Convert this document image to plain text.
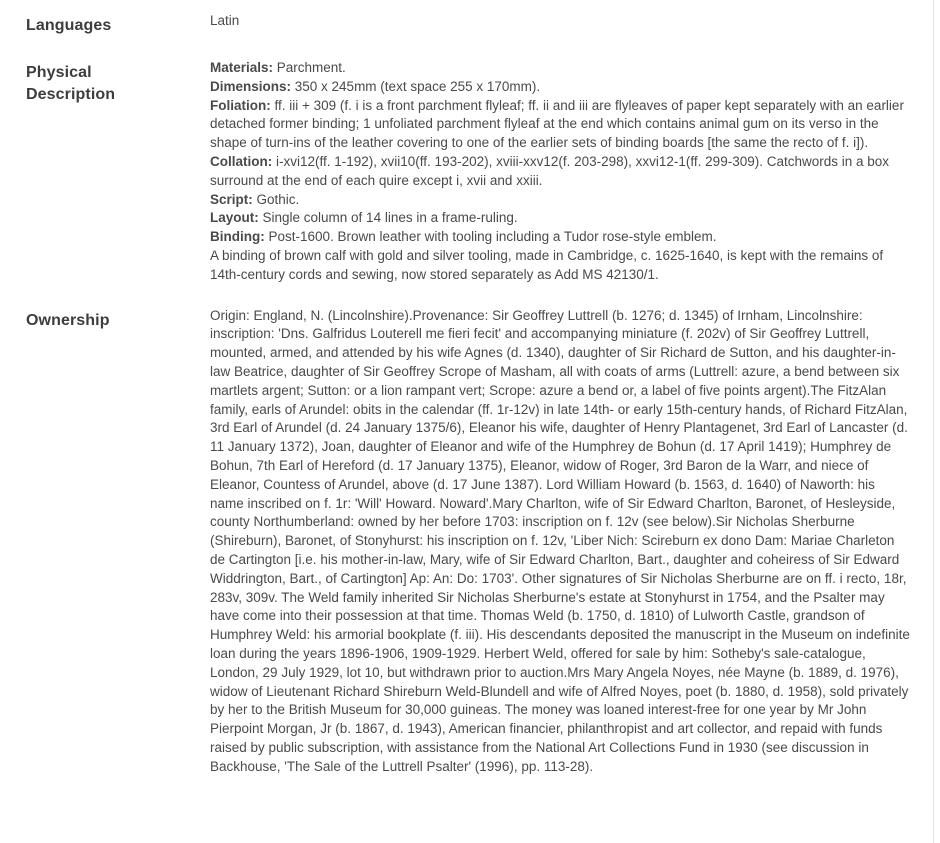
Languages	Latin
Physical Description
Materials: Parchment.
Dimensions: 350 x 245mm (text space 255 x 170mm).
Foliation: ff. iii + 309 (f. i is a front parchment flyleaf; ff. ii and iii are flyleaves of paper kept separately with an earlier detached former binding; 1 unfoliated parchment flyleaf at the end which contains animal gum on its verso in the shape of turn-ins of the leather covering to one of the earlier sets of binding boards [the same the recto of f. i]).
Collation: i-xvi12(ff. 1-192), xvii10(ff. 193-202), xviii-xxv12(f. 203-298), xxvi12-1(ff. 299-309). Catchwords in a box surround at the end of each quire except i, xvii and xxiii.
Script: Gothic.
Layout: Single column of 14 lines in a frame-ruling.
Binding: Post-1600. Brown leather with tooling including a Tudor rose-style emblem.
A binding of brown calf with gold and silver tooling, made in Cambridge, c. 1625-1640, is kept with the remains of 14th-century cords and sewing, now stored separately as Add MS 42130/1.
Ownership	Origin: England, N. (Lincolnshire).Provenance: Sir Geoffrey Luttrell (b. 1276; d. 1345) of Irnham, Lincolnshire: inscription: 'Dns. Galfridus Louterell me fieri fecit' and accompanying miniature (f. 202v) of Sir Geoffrey Luttrell, mounted, armed, and attended by his wife Agnes (d. 1340), daughter of Sir Richard de Sutton, and his daughter-in-law Beatrice, daughter of Sir Geoffrey Scrope of Masham, all with coats of arms (Luttrell: azure, a bend between six martlets argent; Sutton: or a lion rampant vert; Scrope: azure a bend or, a label of five points argent).The FitzAlan family, earls of Arundel: obits in the calendar (ff. 1r-12v) in late 14th- or early 15th-century hands, of Richard FitzAlan, 3rd Earl of Arundel (d. 24 January 1375/6), Eleanor his wife, daughter of Henry Plantagenet, 3rd Earl of Lancaster (d. 11 January 1372), Joan, daughter of Eleanor and wife of the Humphrey de Bohun (d. 17 April 1419); Humphrey de Bohun, 7th Earl of Hereford (d. 17 January 1375), Eleanor, widow of Roger, 3rd Baron de la Warr, and niece of Eleanor, Countess of Arundel, above (d. 17 June 1387). Lord William Howard (b. 1563, d. 1640) of Naworth: his name inscribed on f. 1r: 'Will' Howard. Noward'.Mary Charlton, wife of Sir Edward Charlton, Baronet, of Hesleyside, county Northumberland: owned by her before 1703: inscription on f. 12v (see below).Sir Nicholas Sherburne (Shireburn), Baronet, of Stonyhurst: his inscription on f. 12v, 'Liber Nich: Scireburn ex dono Dam: Mariae Charleton de Cartington [i.e. his mother-in-law, Mary, wife of Sir Edward Charlton, Bart., daughter and coheiress of Sir Edward Widdrington, Bart., of Cartington] Ap: An: Do: 1703'. Other signatures of Sir Nicholas Sherburne are on ff. i recto, 18r, 283v, 309v. The Weld family inherited Sir Nicholas Sherburne's estate at Stonyhurst in 1754, and the Psalter may have come into their possession at that time. Thomas Weld (b. 1750, d. 1810) of Lulworth Castle, grandson of Humphrey Weld: his armorial bookplate (f. iii). His descendants deposited the manuscript in the Museum on indefinite loan during the years 1896-1906, 1909-1929. Herbert Weld, offered for sale by him: Sotheby's sale-catalogue, London, 29 July 1929, lot 10, but withdrawn prior to auction.Mrs Mary Angela Noyes, née Mayne (b. 1889, d. 1976), widow of Lieutenant Richard Shireburn Weld-Blundell and wife of Alfred Noyes, poet (b. 1880, d. 1958), sold privately by her to the British Museum for 30,000 guineas. The money was loaned interest-free for one year by Mr John Pierpoint Morgan, Jr (b. 1867, d. 1943), American financier, philanthropist and art collector, and repaid with funds raised by public subscription, with assistance from the National Art Collections Fund in 1930 (see discussion in Backhouse, 'The Sale of the Luttrell Psalter' (1996), pp. 113-28).
